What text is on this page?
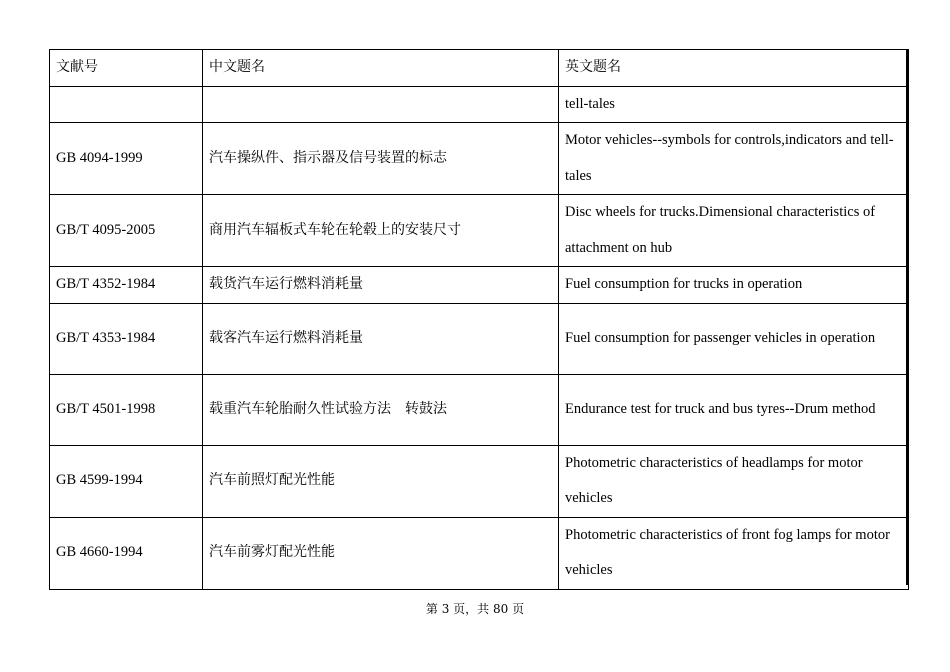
文献号	中文题名	英文题名
		tell-tales
GB 4094-1999	汽车操纵件、指示器及信号装置的标志	Motor vehicles--symbols for controls,indicators and tell-tales
GB/T 4095-2005	商用汽车辐板式车轮在轮毂上的安装尺寸	Disc wheels for trucks.Dimensional characteristics of attachment on hub
GB/T 4352-1984	载货汽车运行燃料消耗量	Fuel consumption for trucks in operation
GB/T 4353-1984	载客汽车运行燃料消耗量	Fuel consumption for passenger vehicles in operation
GB/T 4501-1998	载重汽车轮胎耐久性试验方法　转鼓法	Endurance test for truck and bus tyres--Drum method
GB 4599-1994	汽车前照灯配光性能	Photometric characteristics of headlamps for motor vehicles
GB 4660-1994	汽车前雾灯配光性能	Photometric characteristics of front fog lamps for motor vehicles
第 3 页，共 80 页
